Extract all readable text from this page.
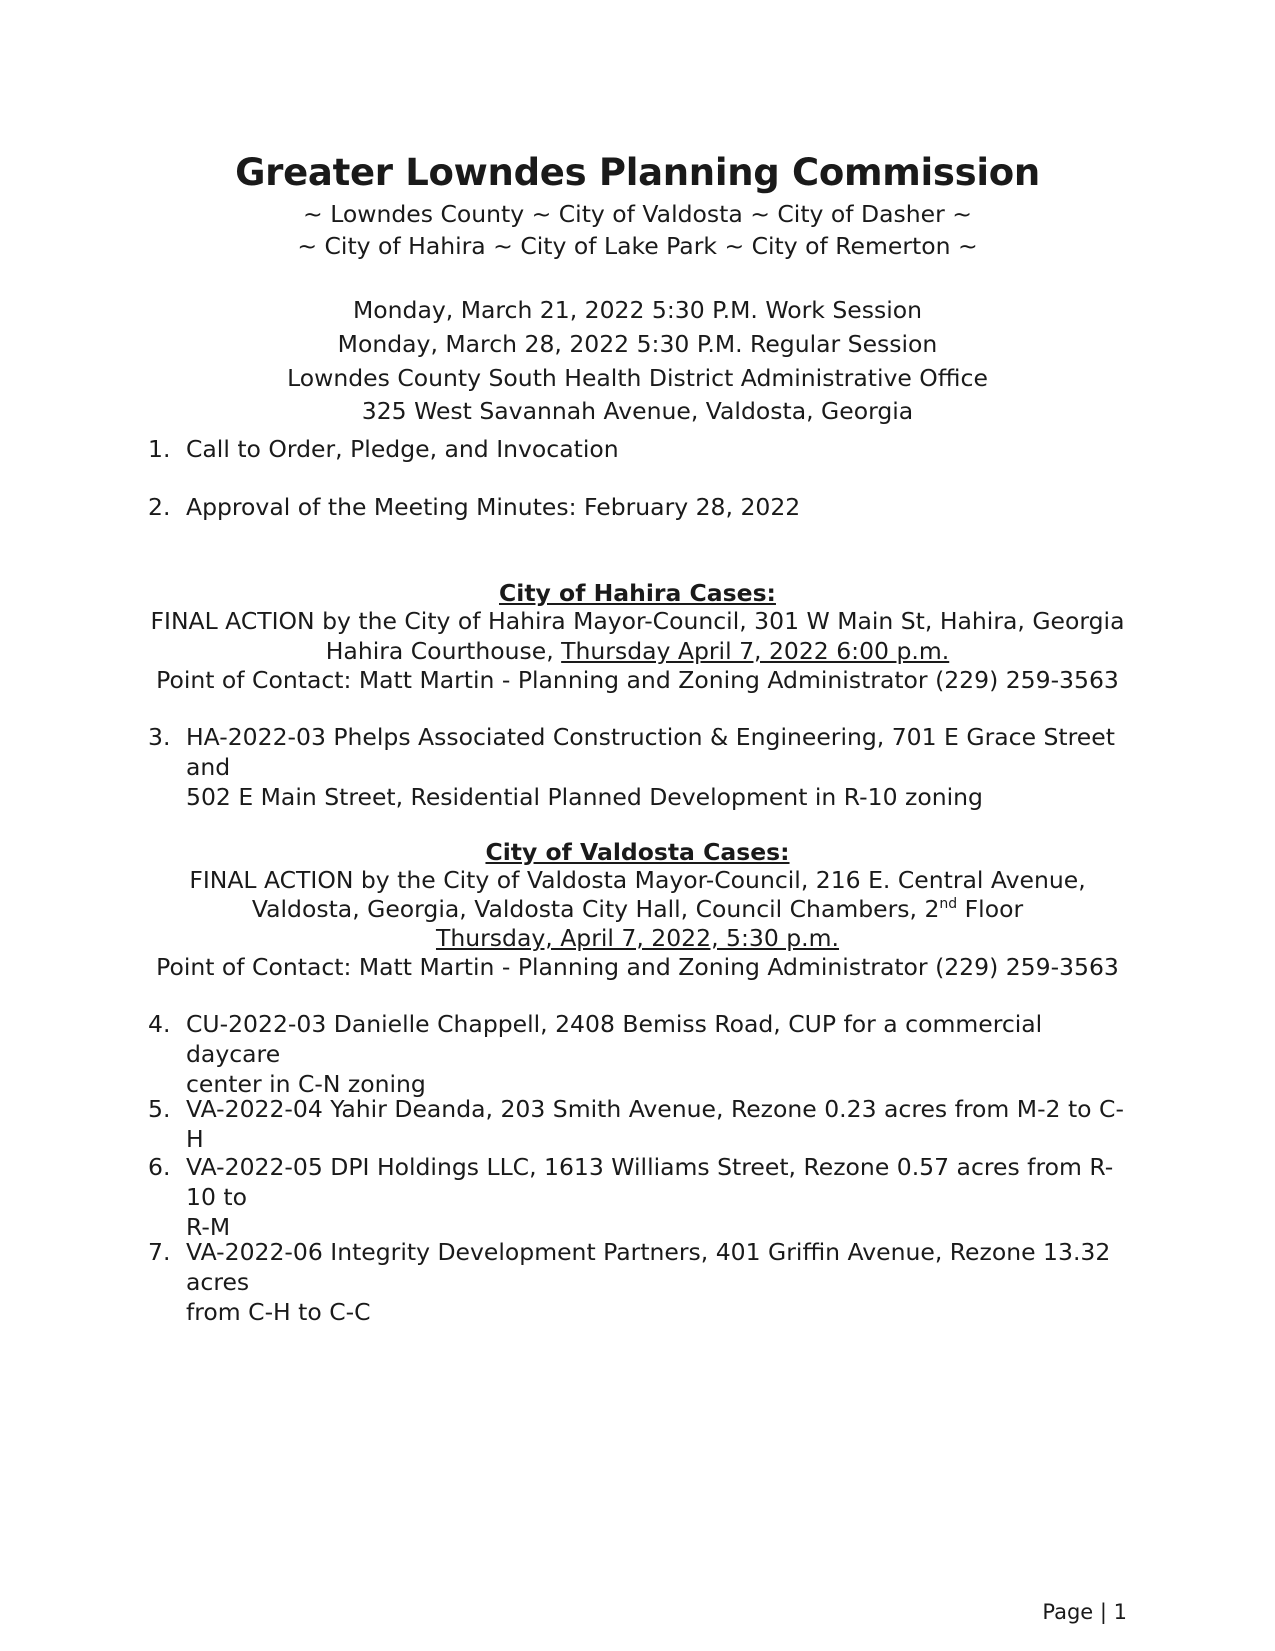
Greater Lowndes Planning Commission
~ Lowndes County ~ City of Valdosta ~ City of Dasher ~
~ City of Hahira ~ City of Lake Park ~ City of Remerton ~
Monday, March 21, 2022 5:30 P.M. Work Session
Monday, March 28, 2022 5:30 P.M. Regular Session
Lowndes County South Health District Administrative Office
325 West Savannah Avenue, Valdosta, Georgia
1. Call to Order, Pledge, and Invocation
2. Approval of the Meeting Minutes: February 28, 2022
City of Hahira Cases:
FINAL ACTION by the City of Hahira Mayor-Council, 301 W Main St, Hahira, Georgia
Hahira Courthouse, Thursday April 7, 2022 6:00 p.m.
Point of Contact: Matt Martin - Planning and Zoning Administrator (229) 259-3563
3. HA-2022-03 Phelps Associated Construction & Engineering, 701 E Grace Street and
502 E Main Street, Residential Planned Development in R-10 zoning
City of Valdosta Cases:
FINAL ACTION by the City of Valdosta Mayor-Council, 216 E. Central Avenue,
Valdosta, Georgia, Valdosta City Hall, Council Chambers, 2nd Floor
Thursday, April 7, 2022, 5:30 p.m.
Point of Contact: Matt Martin - Planning and Zoning Administrator (229) 259-3563
4. CU-2022-03 Danielle Chappell, 2408 Bemiss Road, CUP for a commercial daycare
center in C-N zoning
5. VA-2022-04 Yahir Deanda, 203 Smith Avenue, Rezone 0.23 acres from M-2 to C-H
6. VA-2022-05 DPI Holdings LLC, 1613 Williams Street, Rezone 0.57 acres from R-10 to
R-M
7. VA-2022-06 Integrity Development Partners, 401 Griffin Avenue, Rezone 13.32 acres
from C-H to C-C
Page | 1
